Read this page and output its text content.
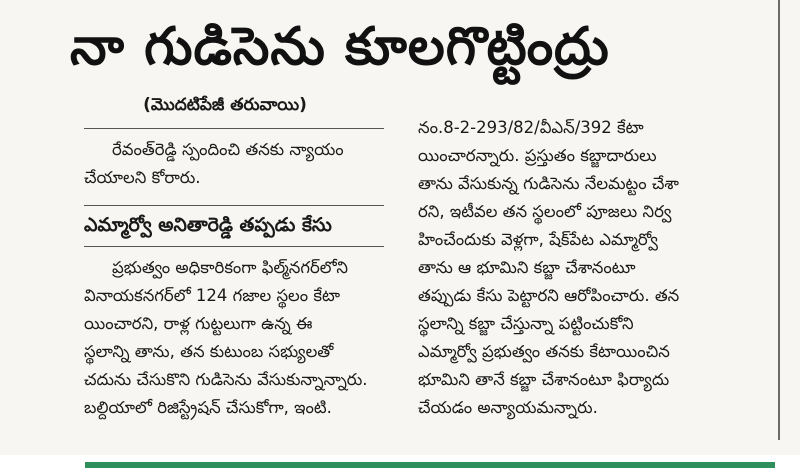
నా గుడిసెను కూలగొట్టింద్రు
(మొదటిపేజీ తరువాయి)

రేవంత్‌రెడ్డి స్పందించి తనకు న్యాయం

చేయాలని కోరారు.

ఎమ్మార్వో అనితారెడ్డి తప్పడు కేసు

ప్రభుత్వం అధికారికంగా ఫిల్మ్‌నగర్‌లోని

వినాయకనగర్‌లో 124 గజాల స్థలం కేటా

యించారని, రాళ్ల గుట్టలుగా ఉన్న ఈ

స్థలాన్ని తాను, తన కుటుంబ సభ్యులతో

చదును చేసుకొని గుడిసెను వేసుకున్నాన్నారు.

బల్దియాలో రిజిస్ట్రేషన్ చేసుకోగా, ఇంటి.

నం.8-2-293/82/వీఎన్/392 కేటా

యించారన్నారు. ప్రస్తుతం కబ్జాదారులు

తాను వేసుకున్న గుడిసెను నేలమట్టం చేశా

రని, ఇటీవల తన స్థలంలో పూజలు నిర్వ

హించేందుకు వెళ్లగా, షేక్‌పేట ఎమ్మార్వో

తాను ఆ భూమిని కబ్జా చేశానంటూ

తప్పుడు కేసు పెట్టారని ఆరోపించారు. తన

స్థలాన్ని కబ్జా చేస్తున్నా పట్టించుకోని

ఎమ్మార్వో ప్రభుత్వం తనకు కేటాయించిన

భూమిని తానే కబ్జా చేశానంటూ ఫిర్యాదు

చేయడం అన్యాయమన్నారు.
